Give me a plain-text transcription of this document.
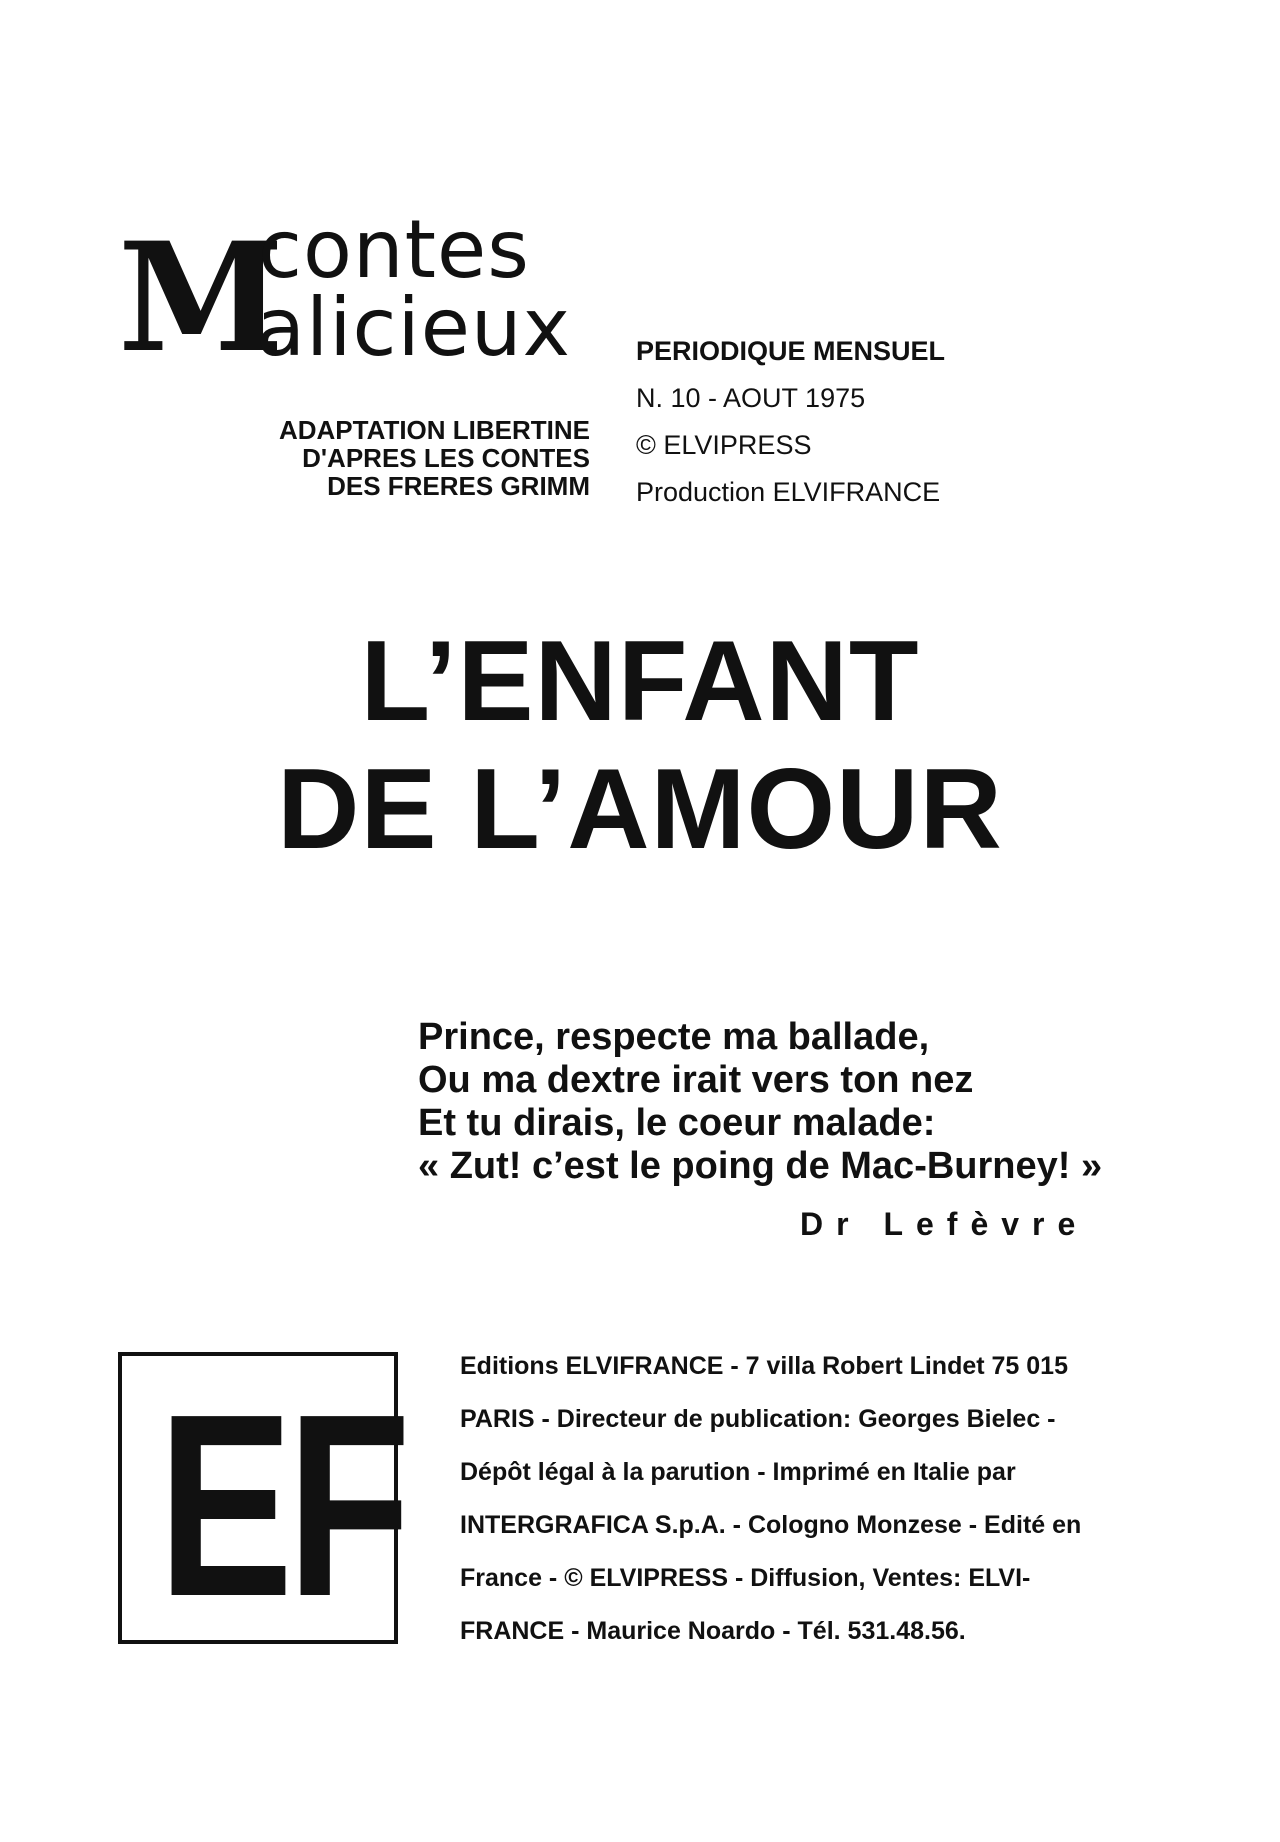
M
contes
alicieux
ADAPTATION LIBERTINE
D'APRES LES CONTES
DES FRERES GRIMM
PERIODIQUE MENSUEL
N. 10 - AOUT 1975
© ELVIPRESS
Production ELVIFRANCE
L’ENFANT
DE L’AMOUR
Prince, respecte ma ballade,
Ou ma dextre irait vers ton nez
Et tu dirais, le coeur malade:
« Zut! c’est le poing de Mac-Burney! »
Dr Lefèvre
EF Editions ELVIFRANCE - 7 villa Robert Lindet 75 015
PARIS - Directeur de publication: Georges Bielec -
Dépôt légal à la parution - Imprimé en Italie par
INTERGRAFICA S.p.A. - Cologno Monzese - Edité en
France - © ELVIPRESS - Diffusion, Ventes: ELVI-
FRANCE - Maurice Noardo - Tél. 531.48.56.
